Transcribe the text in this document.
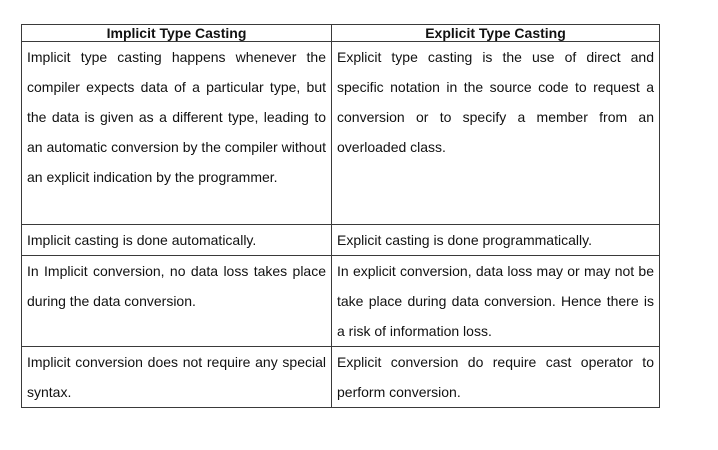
Implicit Type Casting	Explicit Type Casting
Implicit type casting happens whenever the compiler expects data of a particular type, but the data is given as a different type, leading to an automatic conversion by the compiler without an explicit indication by the programmer.	Explicit type casting is the use of direct and specific notation in the source code to request a conversion or to specify a member from an overloaded class.
Implicit casting is done automatically.	Explicit casting is done programmatically.
In Implicit conversion, no data loss takes place during the data conversion.	In explicit conversion, data loss may or may not be take place during data conversion. Hence there is a risk of information loss.
Implicit conversion does not require any special syntax.	Explicit conversion do require cast operator to perform conversion.
